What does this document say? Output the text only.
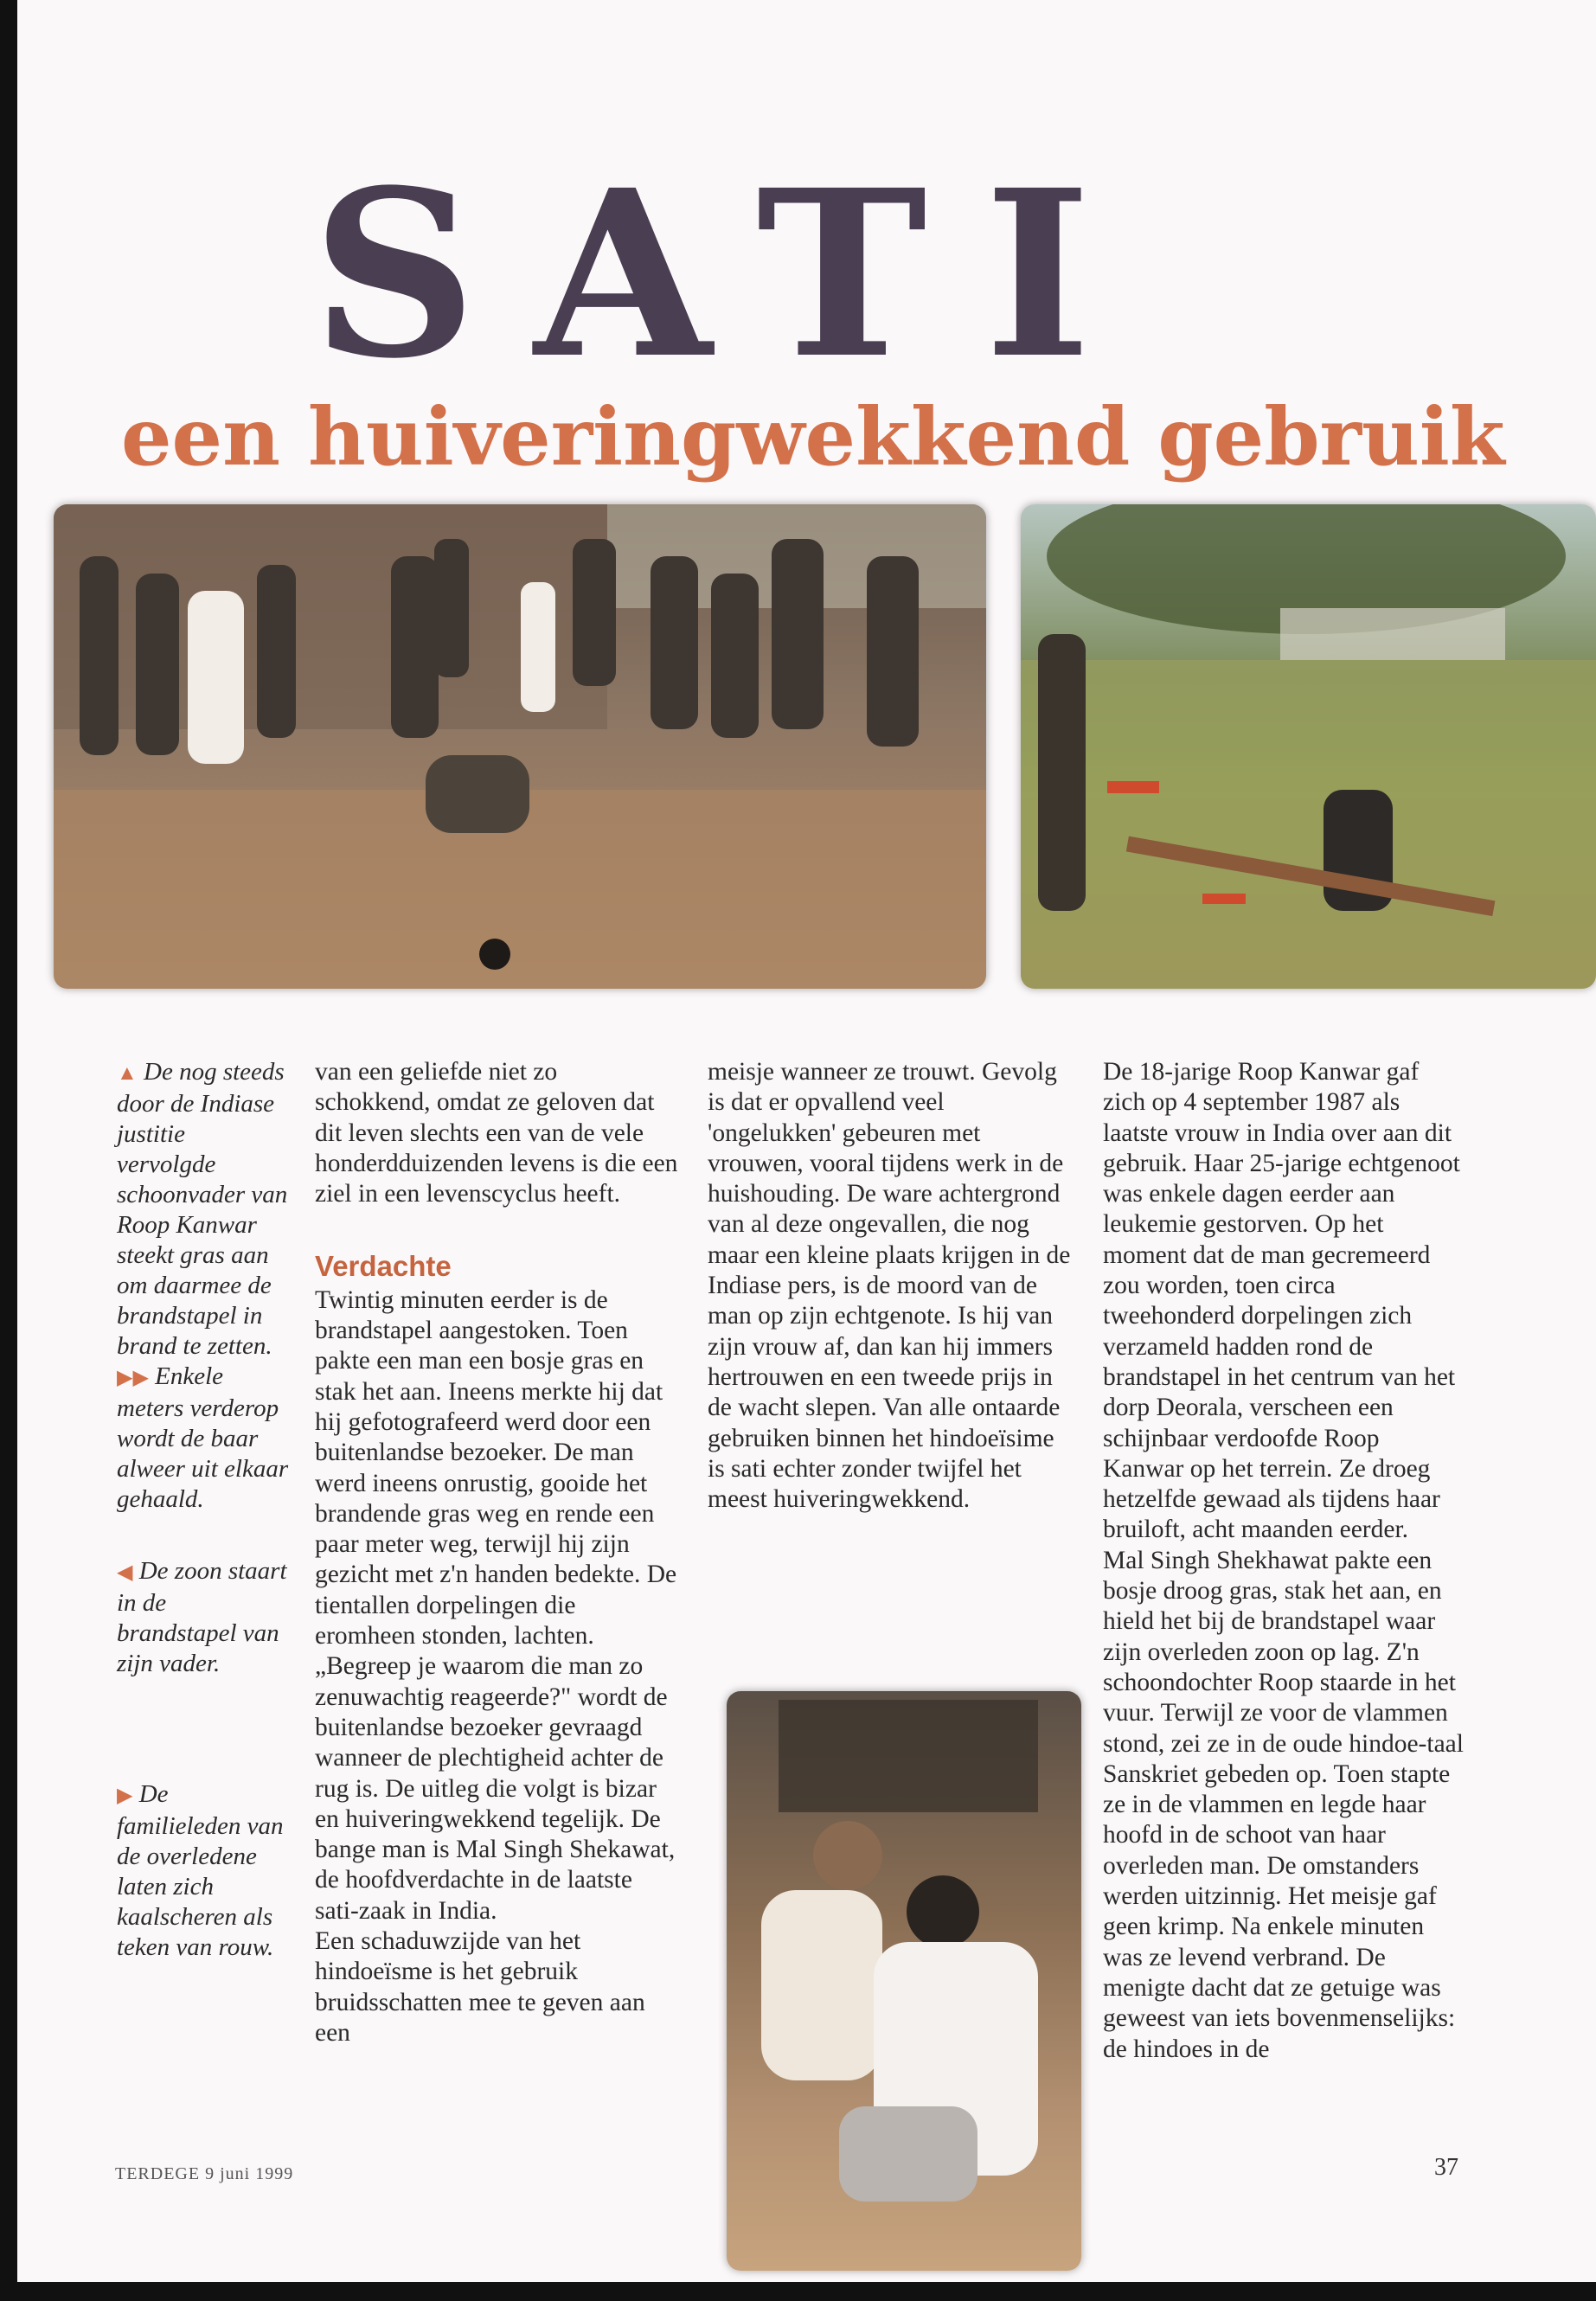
SATI
een huiveringwekkend gebruik

▲ De nog steeds door de Indiase justitie vervolgde schoonvader van Roop Kanwar steekt gras aan om daarmee de brandstapel in brand te zetten.

▶▶ Enkele meters verderop wordt de baar alweer uit elkaar gehaald.

◀ De zoon staart in de brandstapel van zijn vader.

▶ De familieleden van de overledene laten zich kaalscheren als teken van rouw.

van een geliefde niet zo schokkend, omdat ze geloven dat dit leven slechts een van de vele honderdduizenden levens is die een ziel in een levenscyclus heeft.

Verdachte

Twintig minuten eerder is de brandstapel aangestoken. Toen pakte een man een bosje gras en stak het aan. Ineens merkte hij dat hij gefotografeerd werd door een buitenlandse bezoeker. De man werd ineens onrustig, gooide het brandende gras weg en rende een paar meter weg, terwijl hij zijn gezicht met z'n handen bedekte. De tientallen dorpelingen die eromheen stonden, lachten. „Begreep je waarom die man zo zenuwachtig reageerde?" wordt de buitenlandse bezoeker gevraagd wanneer de plechtigheid achter de rug is. De uitleg die volgt is bizar en huiveringwekkend tegelijk. De bange man is Mal Singh Shekawat, de hoofdverdachte in de laatste sati-zaak in India.

Een schaduwzijde van het hindoeïsme is het gebruik bruidsschatten mee te geven aan een

meisje wanneer ze trouwt. Gevolg is dat er opvallend veel 'ongelukken' gebeuren met vrouwen, vooral tijdens werk in de huishouding. De ware achtergrond van al deze ongevallen, die nog maar een kleine plaats krijgen in de Indiase pers, is de moord van de man op zijn echtgenote. Is hij van zijn vrouw af, dan kan hij immers hertrouwen en een tweede prijs in de wacht slepen. Van alle ontaarde gebruiken binnen het hindoeïsime is sati echter zonder twijfel het meest huiveringwekkend.

De 18-jarige Roop Kanwar gaf zich op 4 september 1987 als laatste vrouw in India over aan dit gebruik. Haar 25-jarige echtgenoot was enkele dagen eerder aan leukemie gestorven. Op het moment dat de man gecremeerd zou worden, toen circa tweehonderd dorpelingen zich verzameld hadden rond de brandstapel in het centrum van het dorp Deorala, verscheen een schijnbaar verdoofde Roop Kanwar op het terrein. Ze droeg hetzelfde gewaad als tijdens haar bruiloft, acht maanden eerder.

Mal Singh Shekhawat pakte een bosje droog gras, stak het aan, en hield het bij de brandstapel waar zijn overleden zoon op lag. Z'n schoondochter Roop staarde in het vuur. Terwijl ze voor de vlammen stond, zei ze in de oude hindoe-taal Sanskriet gebeden op. Toen stapte ze in de vlammen en legde haar hoofd in de schoot van haar overleden man. De omstanders werden uitzinnig. Het meisje gaf geen krimp. Na enkele minuten was ze levend verbrand. De menigte dacht dat ze getuige was geweest van iets bovenmenselijks: de hindoes in de

TERDEGE 9 juni 1999	37
